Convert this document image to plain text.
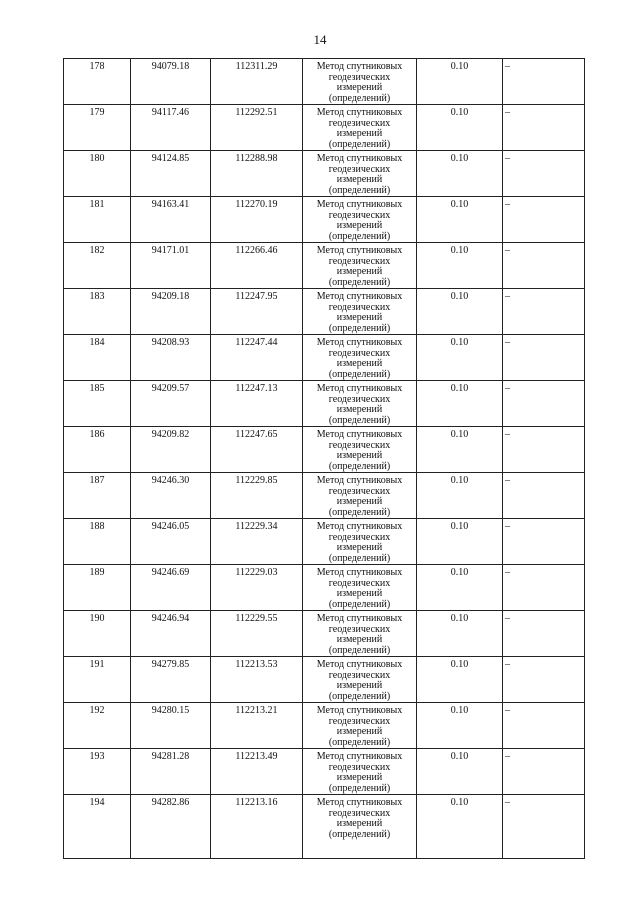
14
178	94079.18	112311.29	Метод спутниковых геодезических измерений (определений)	0.10	–
179	94117.46	112292.51	Метод спутниковых геодезических измерений (определений)	0.10	–
180	94124.85	112288.98	Метод спутниковых геодезических измерений (определений)	0.10	–
181	94163.41	112270.19	Метод спутниковых геодезических измерений (определений)	0.10	–
182	94171.01	112266.46	Метод спутниковых геодезических измерений (определений)	0.10	–
183	94209.18	112247.95	Метод спутниковых геодезических измерений (определений)	0.10	–
184	94208.93	112247.44	Метод спутниковых геодезических измерений (определений)	0.10	–
185	94209.57	112247.13	Метод спутниковых геодезических измерений (определений)	0.10	–
186	94209.82	112247.65	Метод спутниковых геодезических измерений (определений)	0.10	–
187	94246.30	112229.85	Метод спутниковых геодезических измерений (определений)	0.10	–
188	94246.05	112229.34	Метод спутниковых геодезических измерений (определений)	0.10	–
189	94246.69	112229.03	Метод спутниковых геодезических измерений (определений)	0.10	–
190	94246.94	112229.55	Метод спутниковых геодезических измерений (определений)	0.10	–
191	94279.85	112213.53	Метод спутниковых геодезических измерений (определений)	0.10	–
192	94280.15	112213.21	Метод спутниковых геодезических измерений (определений)	0.10	–
193	94281.28	112213.49	Метод спутниковых геодезических измерений (определений)	0.10	–
194	94282.86	112213.16	Метод спутниковых геодезических измерений (определений)	0.10	–
